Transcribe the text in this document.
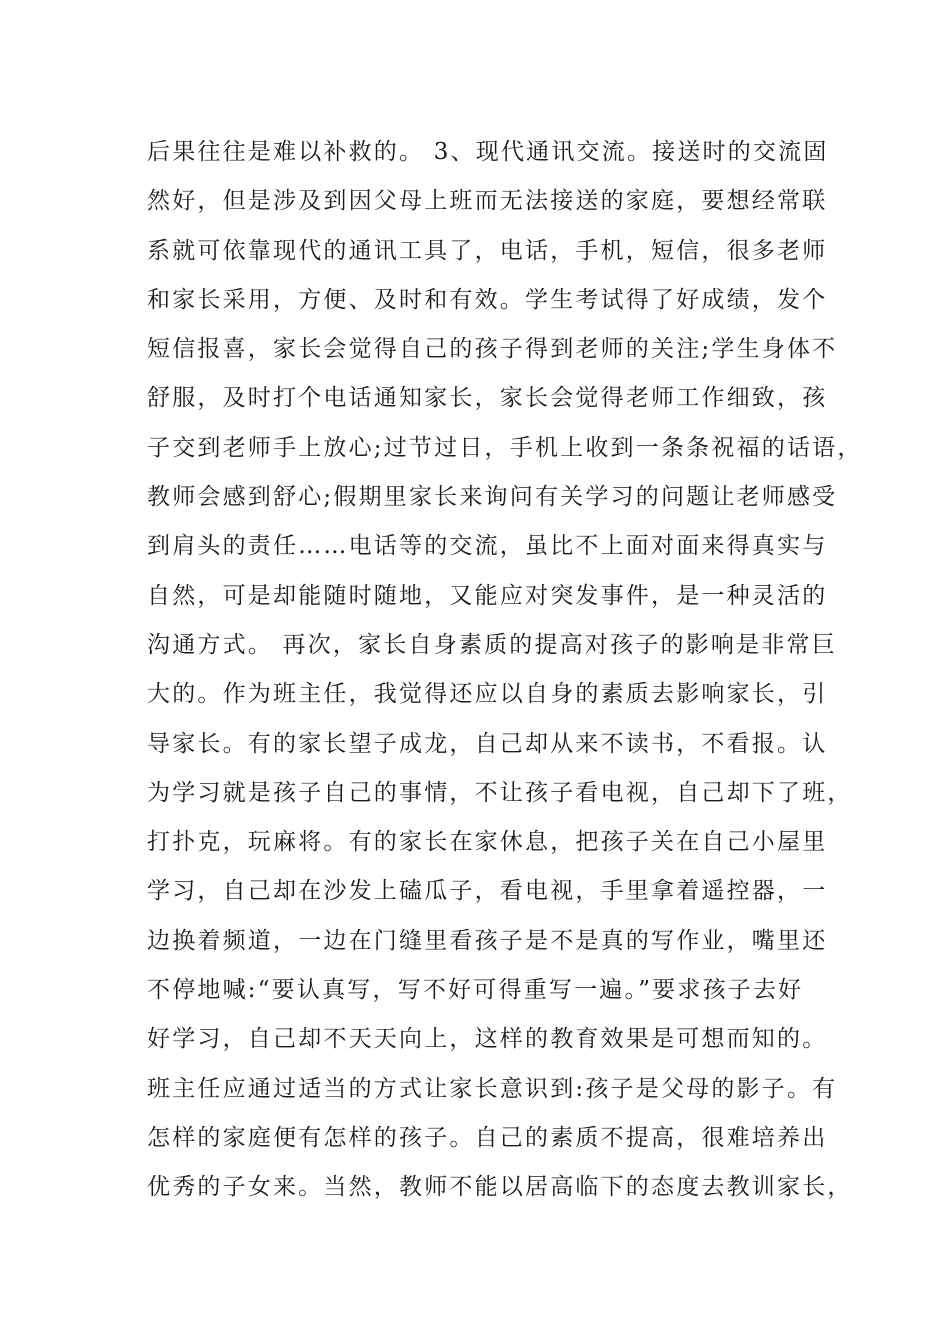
后果往往是难以补救的。 3、现代通讯交流。接送时的交流固
然好，但是涉及到因父母上班而无法接送的家庭，要想经常联
系就可依靠现代的通讯工具了，电话，手机，短信，很多老师
和家长采用，方便、及时和有效。学生考试得了好成绩，发个
短信报喜，家长会觉得自己的孩子得到老师的关注;学生身体不
舒服，及时打个电话通知家长，家长会觉得老师工作细致，孩
子交到老师手上放心;过节过日，手机上收到一条条祝福的话语，
教师会感到舒心;假期里家长来询问有关学习的问题让老师感受
到肩头的责任……电话等的交流，虽比不上面对面来得真实与
自然，可是却能随时随地，又能应对突发事件，是一种灵活的
沟通方式。 再次，家长自身素质的提高对孩子的影响是非常巨
大的。作为班主任，我觉得还应以自身的素质去影响家长，引
导家长。有的家长望子成龙，自己却从来不读书，不看报。认
为学习就是孩子自己的事情，不让孩子看电视，自己却下了班，
打扑克，玩麻将。有的家长在家休息，把孩子关在自己小屋里
学习，自己却在沙发上磕瓜子，看电视，手里拿着遥控器，一
边换着频道，一边在门缝里看孩子是不是真的写作业，嘴里还
不停地喊:“要认真写，写不好可得重写一遍。”要求孩子去好
好学习，自己却不天天向上，这样的教育效果是可想而知的。
班主任应通过适当的方式让家长意识到:孩子是父母的影子。有
怎样的家庭便有怎样的孩子。自己的素质不提高，很难培养出
优秀的子女来。当然，教师不能以居高临下的态度去教训家长，
